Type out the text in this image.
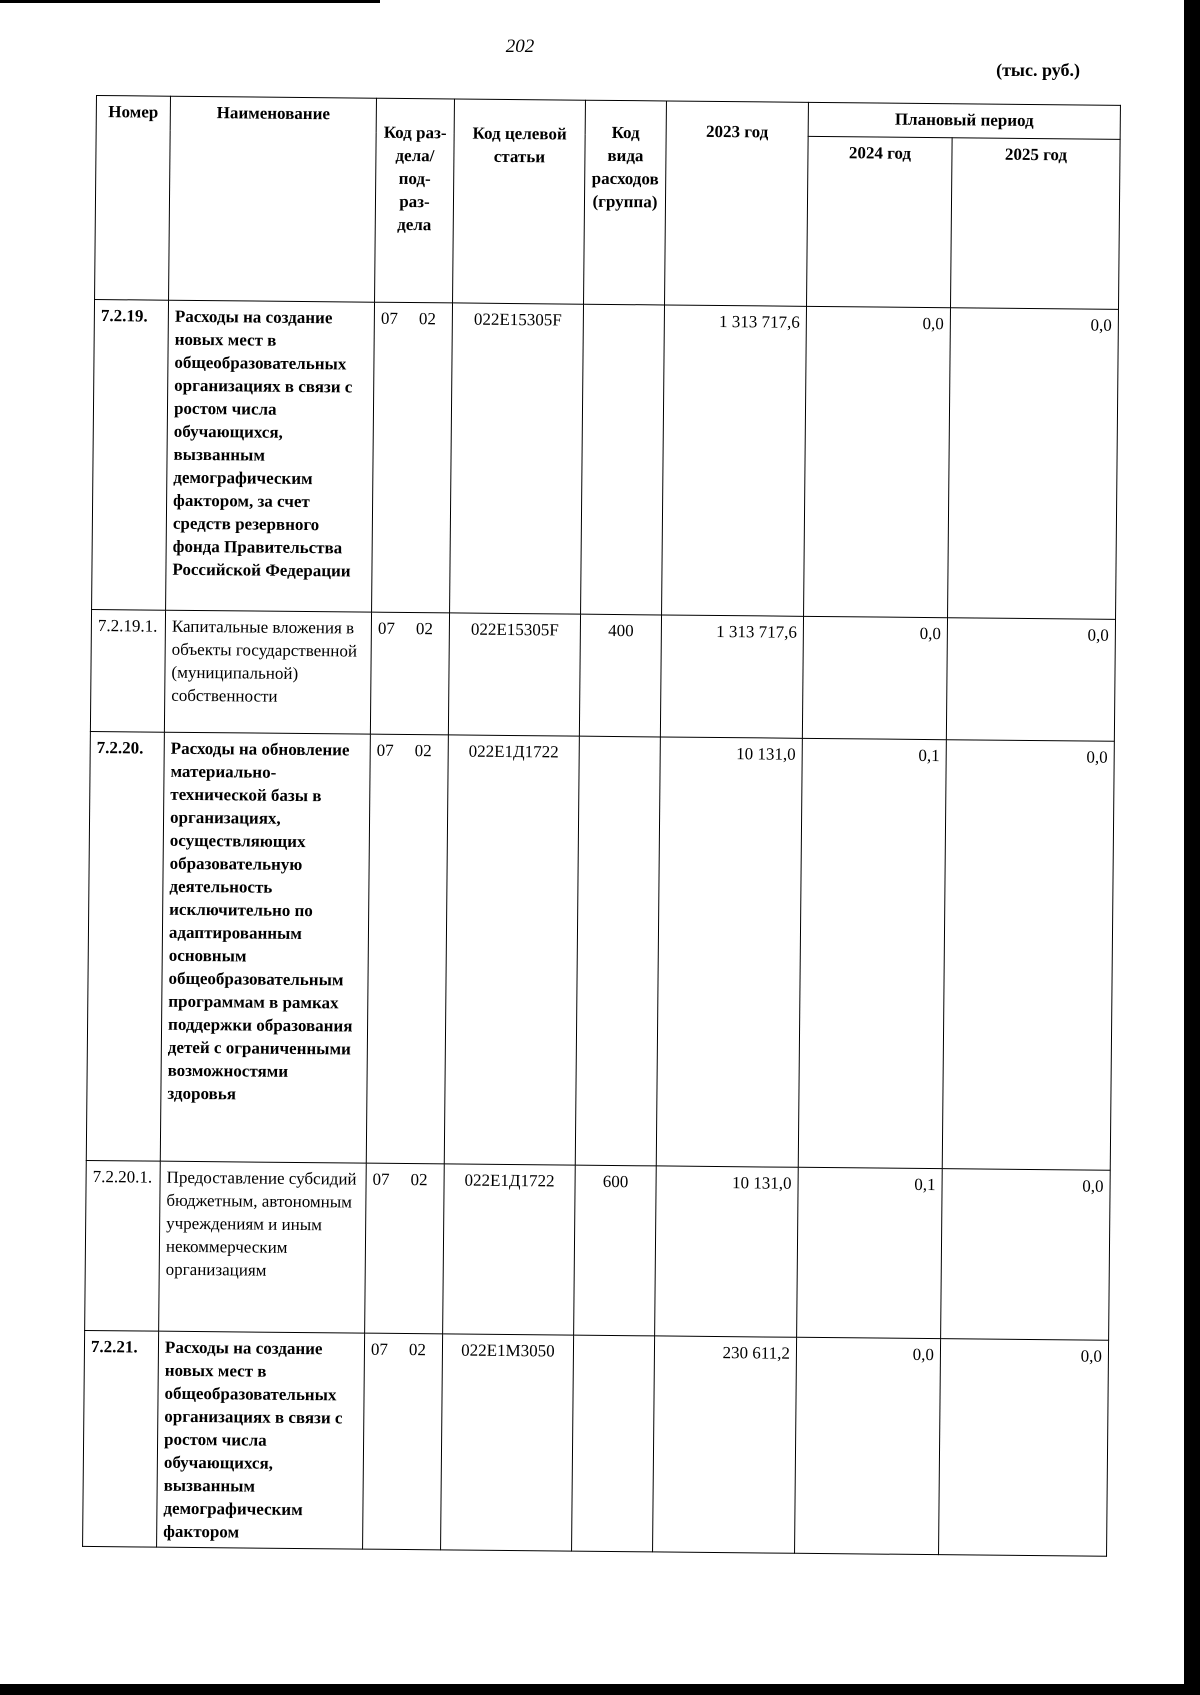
202
(тыс. руб.)
Номер	Наименование	Код раз- дела/ под- раз- дела	Код целевой статьи	Код вида расходов (группа)	2023 год	Плановый период	
						2024 год	2025 год
7.2.19.	Расходы на создание новых мест в общеобразовательных организациях в связи с ростом числа обучающихся, вызванным демографическим фактором, за счет средств резервного фонда Правительства Российской Федерации	07 02	022E15305F		1 313 717,6	0,0	0,0
7.2.19.1.	Капитальные вложения в объекты государственной (муниципальной) собственности	07 02	022E15305F	400	1 313 717,6	0,0	0,0
7.2.20.	Расходы на обновление материально-технической базы в организациях, осуществляющих образовательную деятельность исключительно по адаптированным основным общеобразовательным программам в рамках поддержки образования детей с ограниченными возможностями здоровья	07 02	022E1Д1722		10 131,0	0,1	0,0
7.2.20.1.	Предоставление субсидий бюджетным, автономным учреждениям и иным некоммерческим организациям	07 02	022E1Д1722	600	10 131,0	0,1	0,0
7.2.21.	Расходы на создание новых мест в общеобразовательных организациях в связи с ростом числа обучающихся, вызванным демографическим фактором	07 02	022E1M3050		230 611,2	0,0	0,0
